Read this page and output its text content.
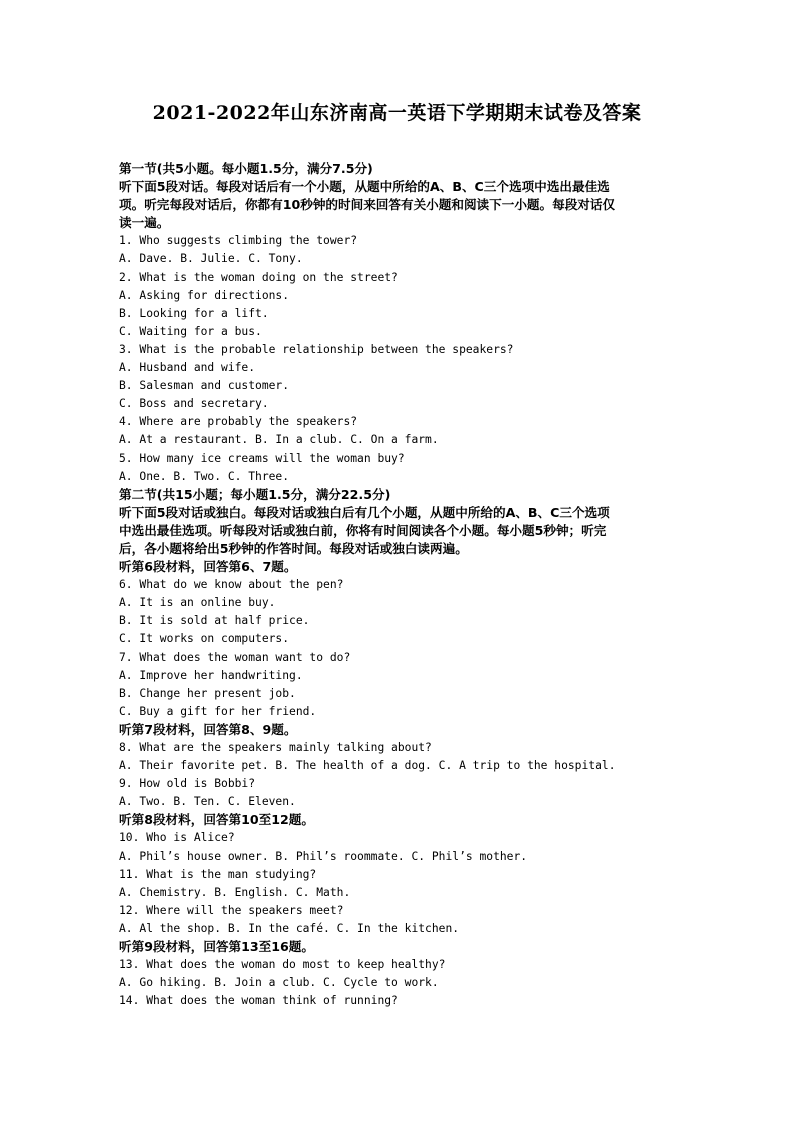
2021-2022年山东济南高一英语下学期期末试卷及答案
第一节(共5小题。每小题1.5分，满分7.5分)
听下面5段对话。每段对话后有一个小题，从题中所给的A、B、C三个选项中选出最佳选
项。听完每段对话后，你都有10秒钟的时间来回答有关小题和阅读下一小题。每段对话仅
读一遍。
1. Who suggests climbing the tower?
A. Dave. B. Julie. C. Tony.
2. What is the woman doing on the street?
A. Asking for directions.
B. Looking for a lift.
C. Waiting for a bus.
3. What is the probable relationship between the speakers?
A. Husband and wife.
B. Salesman and customer.
C. Boss and secretary.
4. Where are probably the speakers?
A. At a restaurant. B. In a club. C. On a farm.
5. How many ice creams will the woman buy?
A. One. B. Two. C. Three.
第二节(共15小题；每小题1.5分，满分22.5分)
听下面5段对话或独白。每段对话或独白后有几个小题，从题中所给的A、B、C三个选项
中选出最佳选项。听每段对话或独白前，你将有时间阅读各个小题。每小题5秒钟；听完
后，各小题将给出5秒钟的作答时间。每段对话或独白读两遍。
听第6段材料，回答第6、7题。
6. What do we know about the pen?
A. It is an online buy.
B. It is sold at half price.
C. It works on computers.
7. What does the woman want to do?
A. Improve her handwriting.
B. Change her present job.
C. Buy a gift for her friend.
听第7段材料，回答第8、9题。
8. What are the speakers mainly talking about?
A. Their favorite pet. B. The health of a dog. C. A trip to the hospital.
9. How old is Bobbi?
A. Two. B. Ten. C. Eleven.
听第8段材料，回答第10至12题。
10. Who is Alice?
A. Phil’s house owner. B. Phil’s roommate. C. Phil’s mother.
11. What is the man studying?
A. Chemistry. B. English. C. Math.
12. Where will the speakers meet?
A. Al the shop. B. In the café. C. In the kitchen.
听第9段材料，回答第13至16题。
13. What does the woman do most to keep healthy?
A. Go hiking. B. Join a club. C. Cycle to work.
14. What does the woman think of running?
